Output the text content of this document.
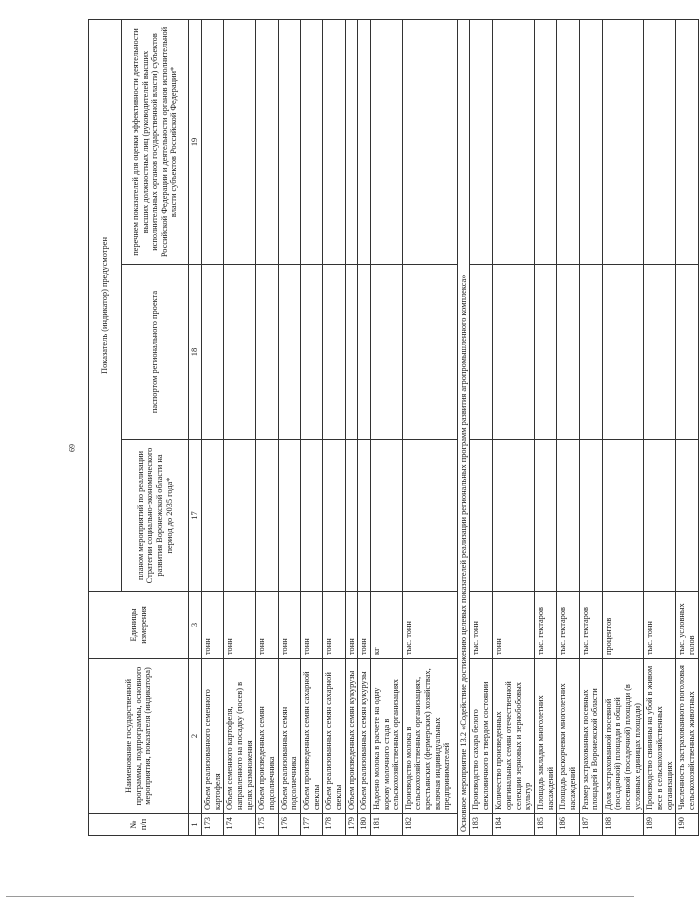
69
№ п/п	Наименование государственной программы, подпрограммы, основного мероприятия, показателя (индикатора)	Единицы измерения	Показатель (индикатор) предусмотрен		
			планом мероприятий по реализации Стратегии социально-экономического развития Воронежской области на период до 2035 года*	паспортом регионального проекта	перечнем показателей для оценки эффективности деятельности высших должностных лиц (руководителей высших исполнительных органов государственной власти) субъектов Российской Федерации и деятельности органов исполнительной власти субъектов Российской Федерации*
1	2	3	17	18	19
173	Объем реализованного семенного картофеля	тонн			
174	Объем семенного картофеля, направленного на посадку (посев) в целях размножения	тонн			
175	Объем произведенных семян подсолнечника	тонн			
176	Объем реализованных семян подсолнечника	тонн			
177	Объем произведенных семян сахарной свеклы	тонн			
178	Объем реализованных семян сахарной свеклы	тонн			
179	Объем произведенных семян кукурузы	тонн			
180	Объем реализованных семян кукурузы	тонн			
181	Надоено молока в расчете на одну корову молочного стада в сельскохозяйственных организациях	кг			
182	Производство молока в сельскохозяйственных организациях, крестьянских (фермерских) хозяйствах, включая индивидуальных предпринимателей	тыс. тонн			
Основное мероприятие 13.2 «Содействие достижению целевых показателей реализации региональных программ развития агропромышленного комплекса»					
183	Производство сахара белого свекловичного в твердом состоянии	тыс. тонн			
184	Количество произведенных оригинальных семян отечественной селекции зерновых и зернобобовых культур	тонн			
185	Площадь закладки многолетних насаждений	тыс. гектаров			
186	Площадь раскорчевки многолетних насаждений	тыс. гектаров			
187	Размер застрахованных посевных площадей в Воронежской области	тыс. гектаров			
188	Доля застрахованной посевной (посадочной) площади в общей посевной (посадочной) площади (в условных единицах площади)	процентов			
189	Производство свинины на убой в живом весе в сельскохозяйственных организациях	тыс. тонн			
190	Численность застрахованного поголовья сельскохозяйственных животных	тыс. условных голов			
